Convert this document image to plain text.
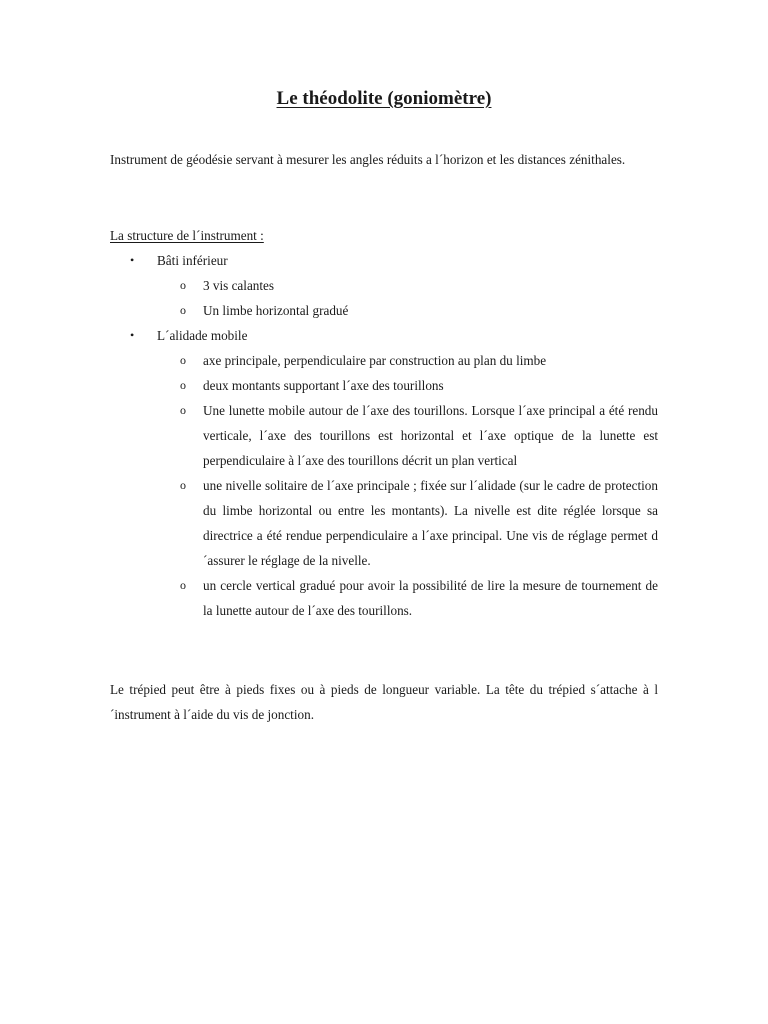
Le théodolite (goniomètre)

Instrument de géodésie servant à mesurer les angles réduits a l´horizon et les distances zénithales.

La structure de l´instrument :

• Bâti inférieur
o 3 vis calantes
o Un limbe horizontal gradué
• L´alidade mobile
o axe principale, perpendiculaire par construction au plan du limbe
o deux montants supportant l´axe des tourillons
o Une lunette mobile autour de l´axe des tourillons. Lorsque l´axe principal a été rendu verticale, l´axe des tourillons est horizontal et l´axe optique de la lunette est perpendiculaire à l´axe des tourillons décrit un plan vertical
o une nivelle solitaire de l´axe principale ; fixée sur l´alidade (sur le cadre de protection du limbe horizontal ou entre les montants). La nivelle est dite réglée lorsque sa directrice a été rendue perpendiculaire a l´axe principal. Une vis de réglage permet d´assurer le réglage de la nivelle.
o un cercle vertical gradué pour avoir la possibilité de lire la mesure de tournement de la lunette autour de l´axe des tourillons.

Le trépied peut être à pieds fixes ou à pieds de longueur variable. La tête du trépied s´attache à l´instrument à l´aide du vis de jonction.
